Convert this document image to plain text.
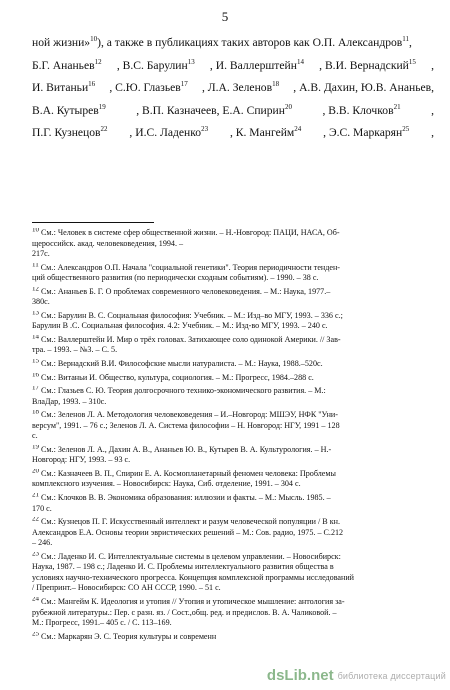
5
ной жизни»$^{10}$), а также в публикациях таких авторов как О.П. Александров$^{11}$,
Б.Г. Ананьев$^{12}$ , В.С. Барулин$^{13}$ , И. Валлерштейн$^{14}$ , В.И. Вернадский$^{15}$ ,
И. Витаньи$^{16}$ , С.Ю. Глазьев$^{17}$ , Л.А. Зеленов$^{18}$ , А.В. Дахин, Ю.В. Ананьев,
В.А. Кутырев$^{19}$	, В.П. Казначеев, Е.А. Спирин$^{20}$	, В.В. Клочков$^{21}$	,
П.Г. Кузнецов$^{22}$ , И.С. Ладенко$^{23}$ , К. Мангейм$^{24}$ , Э.С. Маркарян$^{25}$ ,
$^{10}$ См.: Человек в системе сфер общественной жизни. – Н.-Новгород: ПАЦИ, НАСА, Об-
щероссийск. акад. человековедения, 1994. –
217с.
$^{11}$ См.: Александров О.П. Начала "социальной генетики". Теория периодичности тенден-
ций общественного развития (по периодически сходным событиям). – 1990. – 38 с.
$^{12}$ См.: Ананьев Б. Г. О проблемах современного человековедения. – М.: Наука, 1977.–
380с.
$^{13}$ См.: Барулин В. С. Социальная философия: Учебник. – М.: Изд–во МГУ, 1993. – 336 с.;
Барулин В .С. Социальная философия. 4.2: Учебник. – М.: Изд-во МГУ, 1993. – 240 с.
$^{14}$ См.: Валлерштейн И. Мир о трёх головах. Затихающее соло одинокой Америки. // Зав-
тра. – 1993. – №3. – С. 5.
$^{15}$ См.: Вернадский В.И. Философские мысли натуралиста. – М.: Наука, 1988.–520с.
$^{16}$ См.: Витаньи И. Общество, культура, социология. – М.: Прогресс, 1984.–288 с.
$^{17}$ См.: Глазьев С. Ю. Теория долгосрочного технико-экономического развития. – М.:
ВлаДар, 1993. – 310с.
$^{18}$ См.: Зеленов Л. А. Методология человековедения – И.–Новгород: МШЭУ, НФК "Уни-
версум", 1991. – 76 с.; Зеленов Л. А. Система философии – Н. Новгород: НГУ, 1991 – 128
с.
$^{19}$ См.: Зеленов Л. А., Дахин А. В., Ананьев Ю. В., Кутырев В. А. Культурология. – Н.-
Новгород: НГУ, 1993. – 93 с.
$^{20}$ См.: Казначеев В. П., Спирин Е. А. Космопланетарный феномен человека: Проблемы
комплексного изучения. – Новосибирск: Наука, Сиб. отделение, 1991. – 304 с.
$^{21}$ См.: Клочков В. В. Экономика образования: иллюзии и факты. – М.: Мысль. 1985. –
170 с.
$^{22}$ См.: Кузнецов П. Г. Искусственный интеллект и разум человеческой популяции / В кн.
Александров Е.А. Основы теории эвристических решений – М.: Сов. радио, 1975. – С.212
– 246.
$^{23}$ См.: Ладенко И. С. Интеллектуальные системы в целевом управлении. – Новосибирск:
Наука, 1987. – 198 с.; Ладенко И. С. Проблемы интеллектуального развития общества в
условиях научно-технического прогресса. Концепция комплексной программы исследований
/ Препринт.– Новосибирск: СО АН СССР, 1990. – 51 с.
$^{24}$ См.: Мангейм К. Идеология и утопия // Утопия и утопическое мышление: антология за-
рубежной литературы.: Пер. с разн. яз. / Сост.,общ. ред. и предислов. В. А. Чаликовой. –
М.: Прогресс, 1991.– 405 с. / С. 113–169.
$^{25}$ См.: Маркарян Э. С. Теория культуры и современн
dsLib.net библиотека диссертаций
